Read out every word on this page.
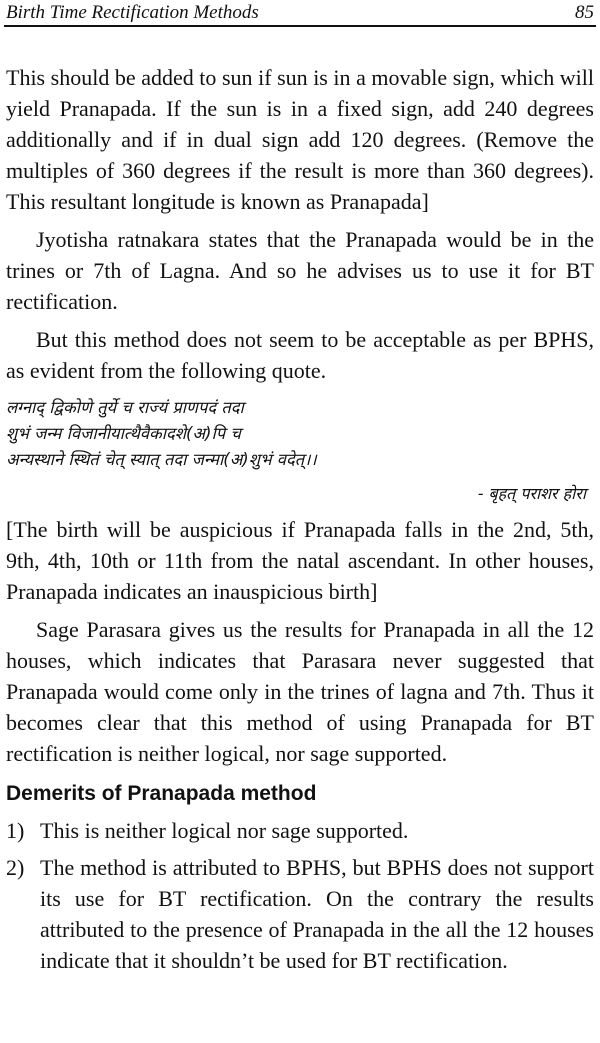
Birth Time Rectification Methods	85

This should be added to sun if sun is in a movable sign, which will yield Pranapada. If the sun is in a fixed sign, add 240 degrees additionally and if in dual sign add 120 degrees. (Remove the multiples of 360 degrees if the result is more than 360 degrees). This resultant longitude is known as Pranapada]

Jyotisha ratnakara states that the Pranapada would be in the trines or 7th of Lagna. And so he advises us to use it for BT rectification.

But this method does not seem to be acceptable as per BPHS, as evident from the following quote.

लग्नाद् द्विकोणे तुर्ये च राज्यं प्राणपदं तदा
शुभं जन्म विजानीयात्थैवैकादशे(अ)पि च
अन्यस्थाने स्थितं चेत् स्यात् तदा जन्मा(अ)शुभं वदेत्।।
- बृहत् पराशर होरा

[The birth will be auspicious if Pranapada falls in the 2nd, 5th, 9th, 4th, 10th or 11th from the natal ascendant. In other houses, Pranapada indicates an inauspicious birth]

Sage Parasara gives us the results for Pranapada in all the 12 houses, which indicates that Parasara never suggested that Pranapada would come only in the trines of lagna and 7th. Thus it becomes clear that this method of using Pranapada for BT rectification is neither logical, nor sage supported.

Demerits of Pranapada method
1) This is neither logical nor sage supported.
2) The method is attributed to BPHS, but BPHS does not support its use for BT rectification. On the contrary the results attributed to the presence of Pranapada in the all the 12 houses indicate that it shouldn’t be used for BT rectification.
